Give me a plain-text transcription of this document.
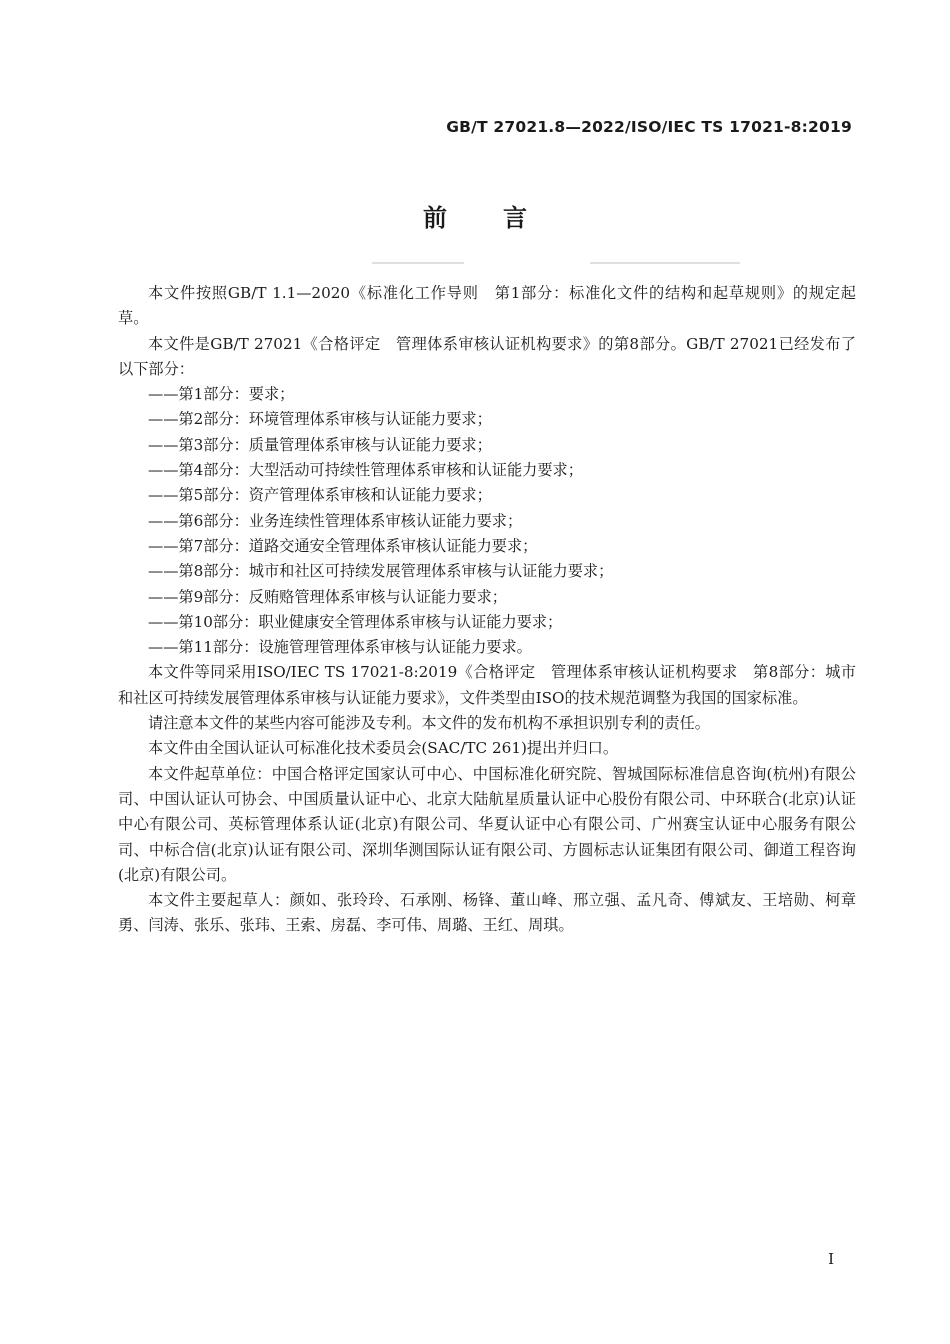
GB/T 27021.8—2022/ISO/IEC TS 17021-8:2019
前言

本文件按照GB/T 1.1—2020《标准化工作导则　第1部分：标准化文件的结构和起草规则》的规定起草。

本文件是GB/T 27021《合格评定　管理体系审核认证机构要求》的第8部分。GB/T 27021已经发布了以下部分：

——第1部分：要求；

——第2部分：环境管理体系审核与认证能力要求；

——第3部分：质量管理体系审核与认证能力要求；

——第4部分：大型活动可持续性管理体系审核和认证能力要求；

——第5部分：资产管理体系审核和认证能力要求；

——第6部分：业务连续性管理体系审核认证能力要求；

——第7部分：道路交通安全管理体系审核认证能力要求；

——第8部分：城市和社区可持续发展管理体系审核与认证能力要求；

——第9部分：反贿赂管理体系审核与认证能力要求；

——第10部分：职业健康安全管理体系审核与认证能力要求；

——第11部分：设施管理管理体系审核与认证能力要求。

本文件等同采用ISO/IEC TS 17021-8:2019《合格评定　管理体系审核认证机构要求　第8部分：城市和社区可持续发展管理体系审核与认证能力要求》，文件类型由ISO的技术规范调整为我国的国家标准。

请注意本文件的某些内容可能涉及专利。本文件的发布机构不承担识别专利的责任。

本文件由全国认证认可标准化技术委员会(SAC/TC 261)提出并归口。

本文件起草单位：中国合格评定国家认可中心、中国标准化研究院、智城国际标准信息咨询(杭州)有限公司、中国认证认可协会、中国质量认证中心、北京大陆航星质量认证中心股份有限公司、中环联合(北京)认证中心有限公司、英标管理体系认证(北京)有限公司、华夏认证中心有限公司、广州赛宝认证中心服务有限公司、中标合信(北京)认证有限公司、深圳华测国际认证有限公司、方圆标志认证集团有限公司、御道工程咨询(北京)有限公司。

本文件主要起草人：颜如、张玲玲、石承刚、杨锋、董山峰、邢立强、孟凡奇、傅斌友、王培勋、柯章勇、闫涛、张乐、张玮、王索、房磊、李可伟、周璐、王红、周琪。

I
